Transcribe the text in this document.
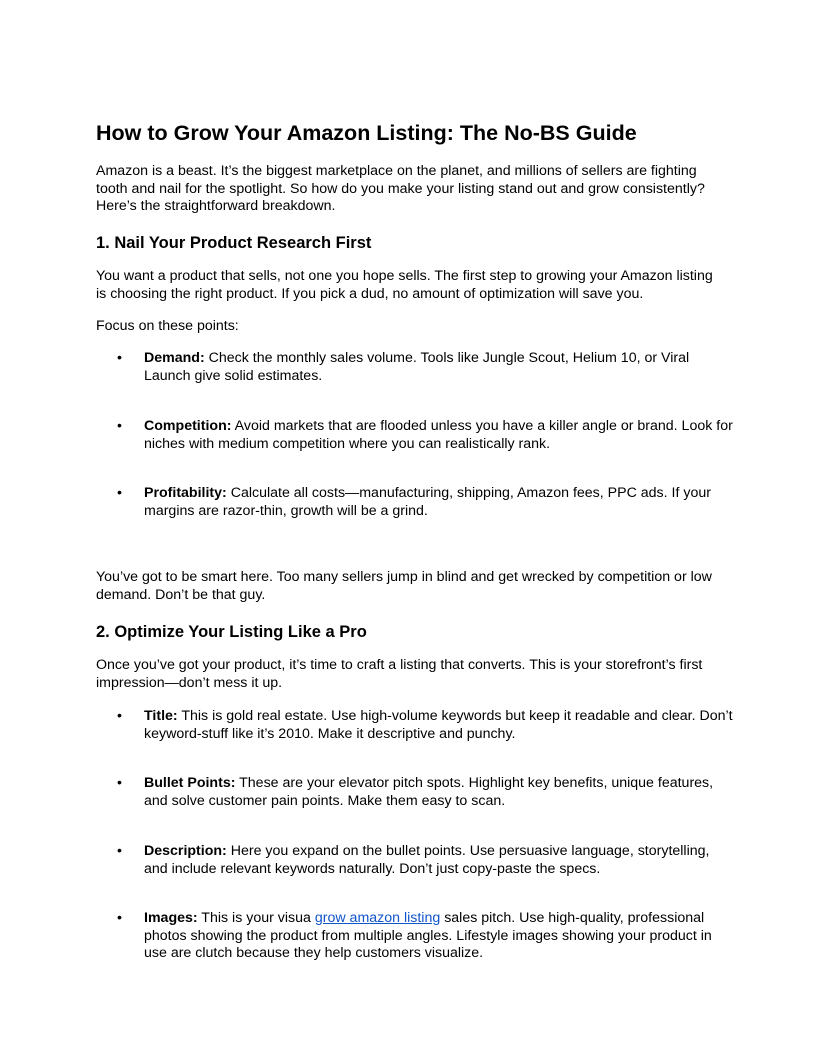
How to Grow Your Amazon Listing: The No-BS Guide

Amazon is a beast. It’s the biggest marketplace on the planet, and millions of sellers are fighting tooth and nail for the spotlight. So how do you make your listing stand out and grow consistently? Here’s the straightforward breakdown.

1. Nail Your Product Research First

You want a product that sells, not one you hope sells. The first step to growing your Amazon listing is choosing the right product. If you pick a dud, no amount of optimization will save you.

Focus on these points:

• Demand: Check the monthly sales volume. Tools like Jungle Scout, Helium 10, or Viral Launch give solid estimates.

• Competition: Avoid markets that are flooded unless you have a killer angle or brand. Look for niches with medium competition where you can realistically rank.

• Profitability: Calculate all costs—manufacturing, shipping, Amazon fees, PPC ads. If your margins are razor-thin, growth will be a grind.

You’ve got to be smart here. Too many sellers jump in blind and get wrecked by competition or low demand. Don’t be that guy.

2. Optimize Your Listing Like a Pro

Once you’ve got your product, it’s time to craft a listing that converts. This is your storefront’s first impression—don’t mess it up.

• Title: This is gold real estate. Use high-volume keywords but keep it readable and clear. Don’t keyword-stuff like it’s 2010. Make it descriptive and punchy.

• Bullet Points: These are your elevator pitch spots. Highlight key benefits, unique features, and solve customer pain points. Make them easy to scan.

• Description: Here you expand on the bullet points. Use persuasive language, storytelling, and include relevant keywords naturally. Don’t just copy-paste the specs.

• Images: This is your visua grow amazon listing sales pitch. Use high-quality, professional photos showing the product from multiple angles. Lifestyle images showing your product in use are clutch because they help customers visualize.
